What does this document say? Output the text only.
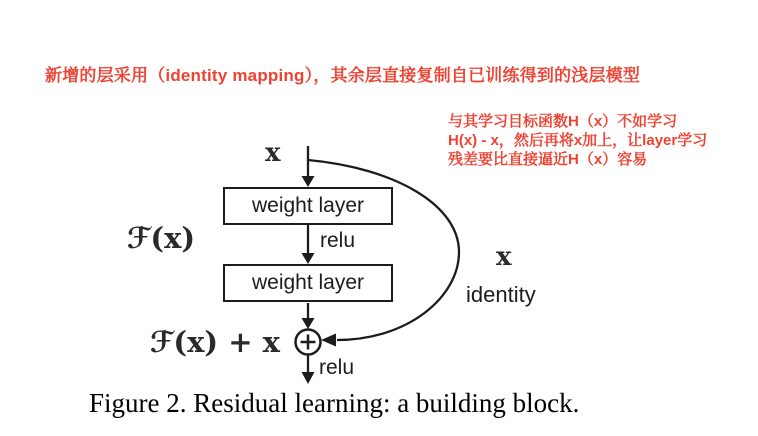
新增的层采用（identity mapping），其余层直接复制自已训练得到的浅层模型
与其学习目标函数H（x）不如学习
H(x) - x，然后再将x加上，让layer学习
残差要比直接逼近H（x）容易
weight layer
weight layer
x
ℱ(x)
ℱ(x) + x
x
relu
relu
identity
Figure 2. Residual learning: a building block.
